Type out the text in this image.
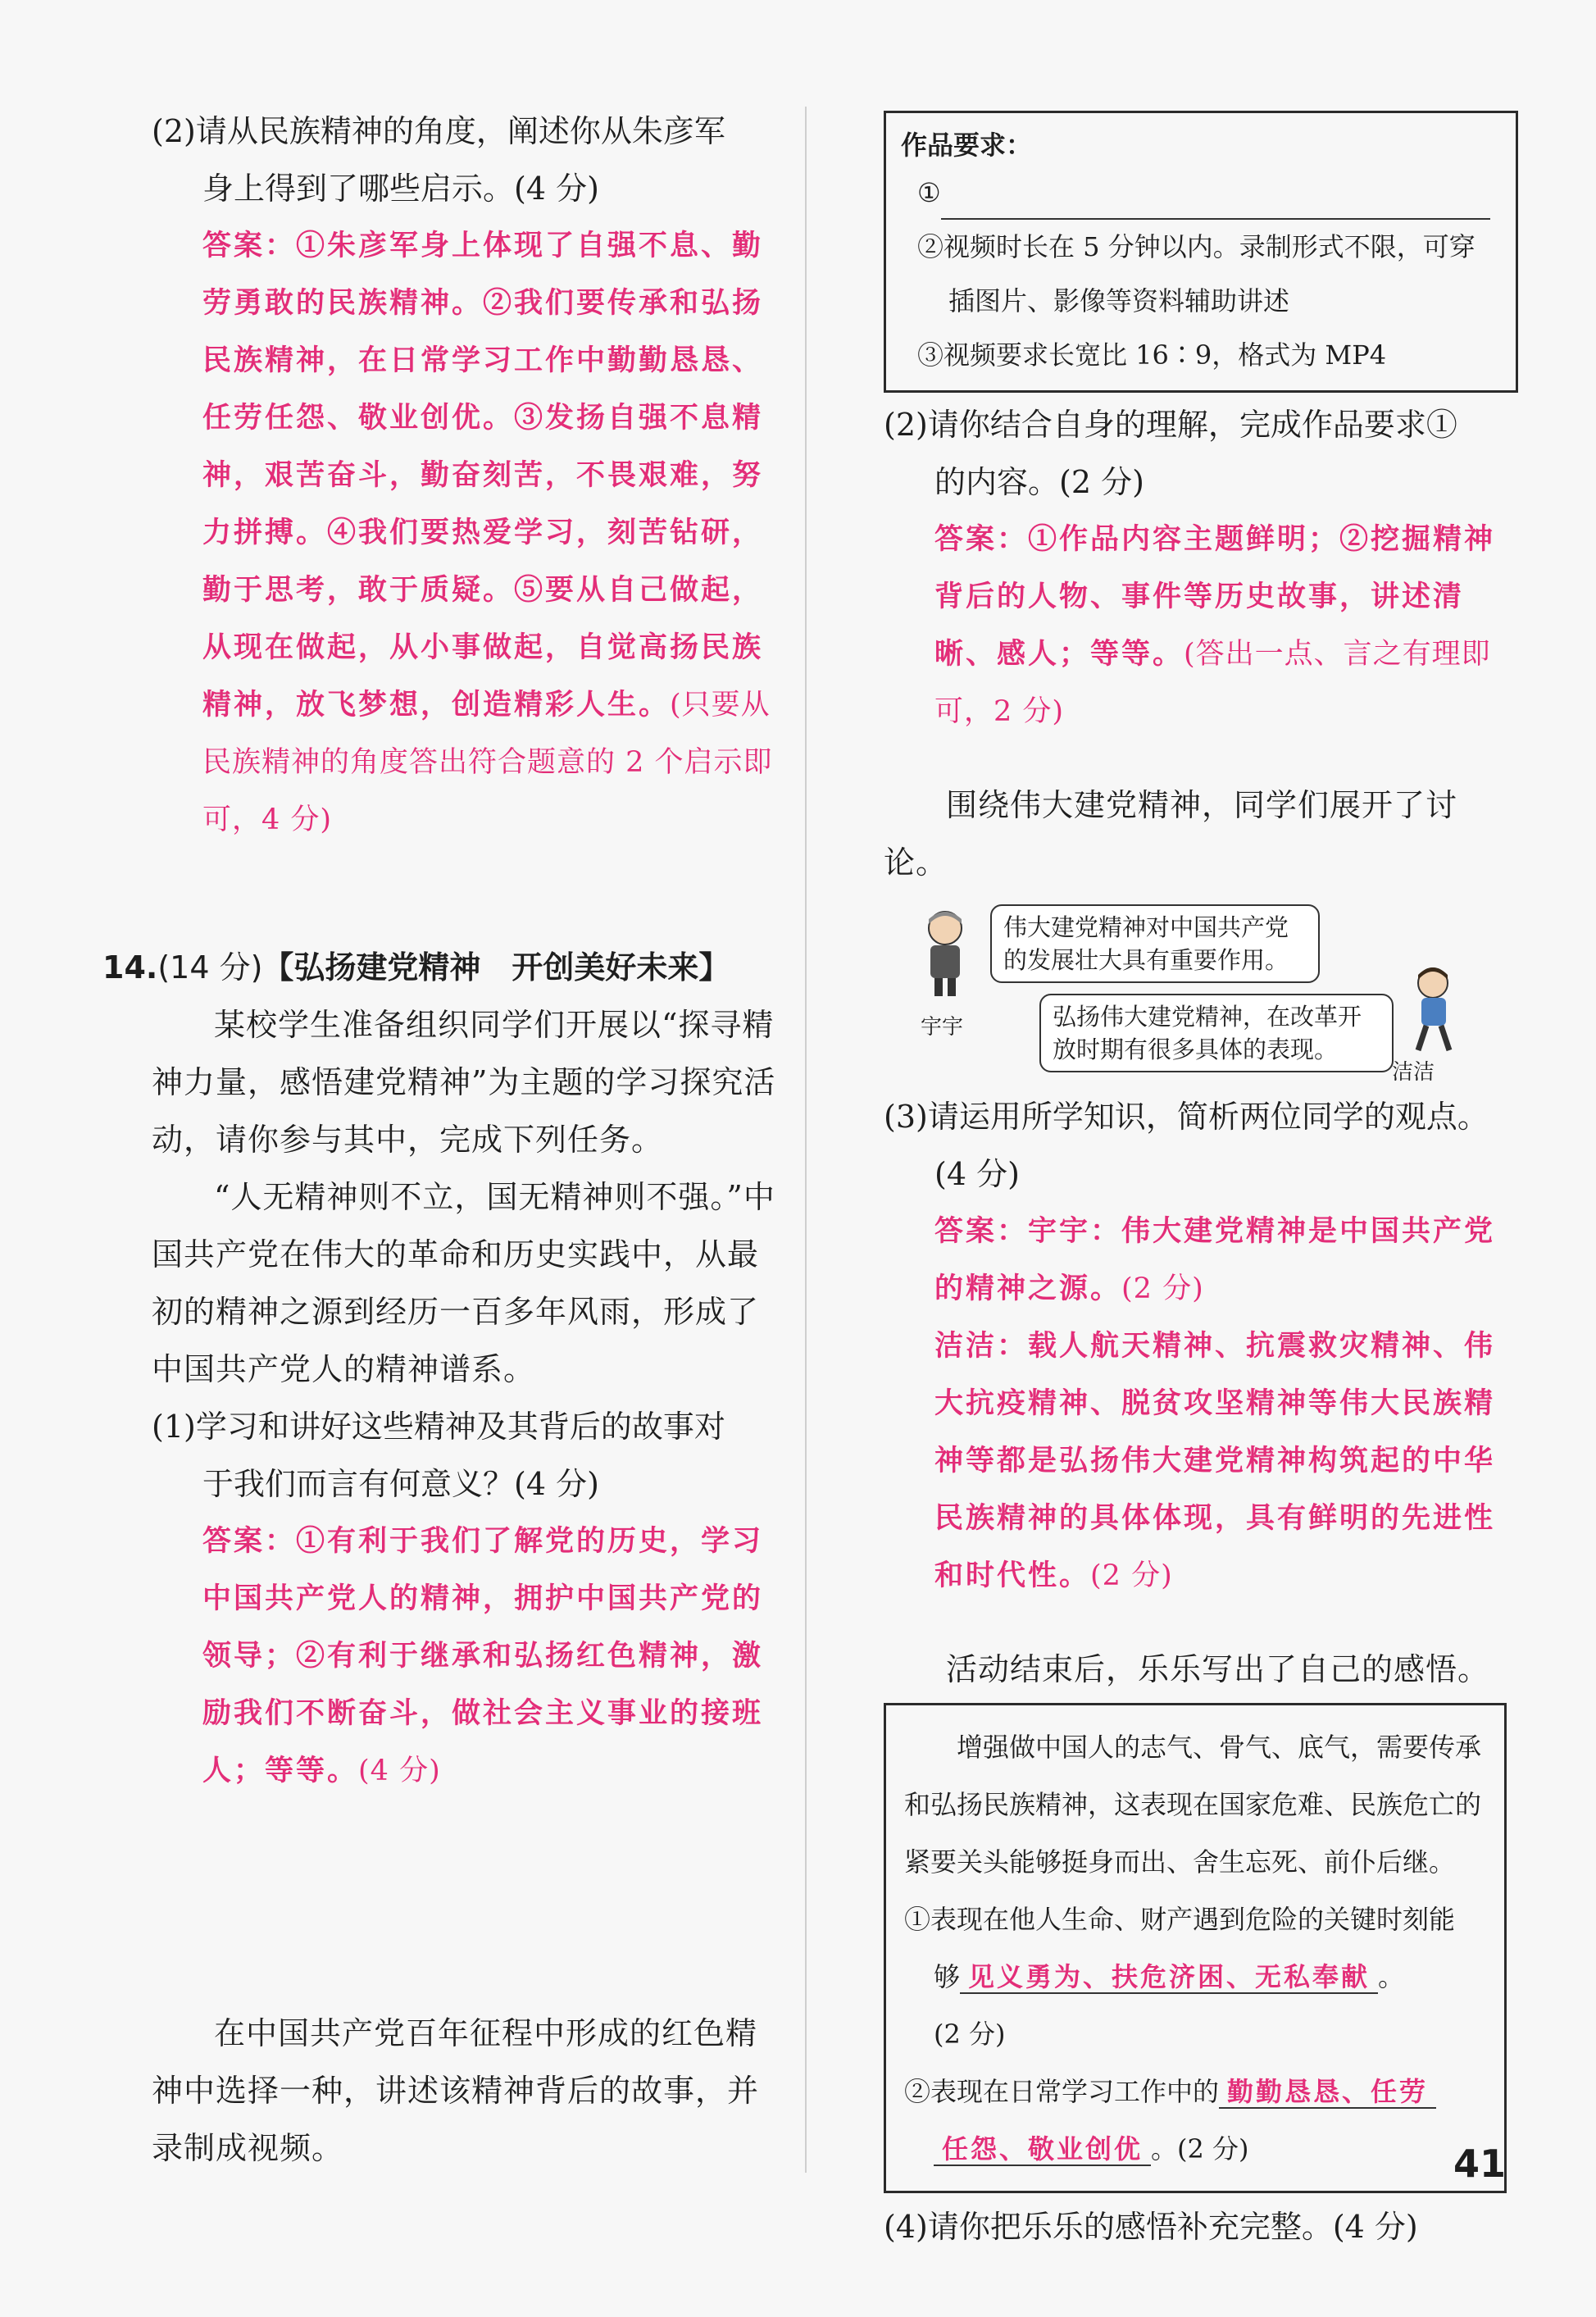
(2)请从民族精神的角度，阐述你从朱彦军
身上得到了哪些启示。(4 分)
答案：①朱彦军身上体现了自强不息、勤劳勇敢的民族精神。②我们要传承和弘扬民族精神，在日常学习工作中勤勤恳恳、任劳任怨、敬业创优。③发扬自强不息精神，艰苦奋斗，勤奋刻苦，不畏艰难，努力拼搏。④我们要热爱学习，刻苦钻研，勤于思考，敢于质疑。⑤要从自己做起，从现在做起，从小事做起，自觉高扬民族精神，放飞梦想，创造精彩人生。(只要从民族精神的角度答出符合题意的 2 个启示即可，4 分)
14.(14 分)【弘扬建党精神　开创美好未来】
某校学生准备组织同学们开展以“探寻精神力量，感悟建党精神”为主题的学习探究活动，请你参与其中，完成下列任务。
“人无精神则不立，国无精神则不强。”中国共产党在伟大的革命和历史实践中，从最初的精神之源到经历一百多年风雨，形成了中国共产党人的精神谱系。
(1)学习和讲好这些精神及其背后的故事对
于我们而言有何意义？(4 分)
答案：①有利于我们了解党的历史，学习中国共产党人的精神，拥护中国共产党的领导；②有利于继承和弘扬红色精神，激励我们不断奋斗，做社会主义事业的接班人；等等。(4 分)
在中国共产党百年征程中形成的红色精神中选择一种，讲述该精神背后的故事，并录制成视频。
作品要求：
①
②视频时长在 5 分钟以内。录制形式不限，可穿插图片、影像等资料辅助讲述
③视频要求长宽比 16∶9，格式为 MP4
(2)请你结合自身的理解，完成作品要求①
的内容。(2 分)
答案：①作品内容主题鲜明；②挖掘精神背后的人物、事件等历史故事，讲述清晰、感人；等等。(答出一点、言之有理即可，2 分)
围绕伟大建党精神，同学们展开了讨论。
伟大建党精神对中国共产党的发展壮大具有重要作用。
宇宇	弘扬伟大建党精神，在改革开放时期有很多具体的表现。
洁洁
(3)请运用所学知识，简析两位同学的观点。
(4 分)
答案：宇宇：伟大建党精神是中国共产党的精神之源。(2 分)
洁洁：载人航天精神、抗震救灾精神、伟大抗疫精神、脱贫攻坚精神等伟大民族精神等都是弘扬伟大建党精神构筑起的中华民族精神的具体体现，具有鲜明的先进性和时代性。(2 分)
活动结束后，乐乐写出了自己的感悟。
增强做中国人的志气、骨气、底气，需要传承和弘扬民族精神，这表现在国家危难、民族危亡的紧要关头能够挺身而出、舍生忘死、前仆后继。
①表现在他人生命、财产遇到危险的关键时刻能 够 见义勇为、扶危济困、无私奉献 。
(2 分)
②表现在日常学习工作中的 勤勤恳恳、任劳
任怨、敬业创优 。(2 分)
(4)请你把乐乐的感悟补充完整。(4 分)
41
